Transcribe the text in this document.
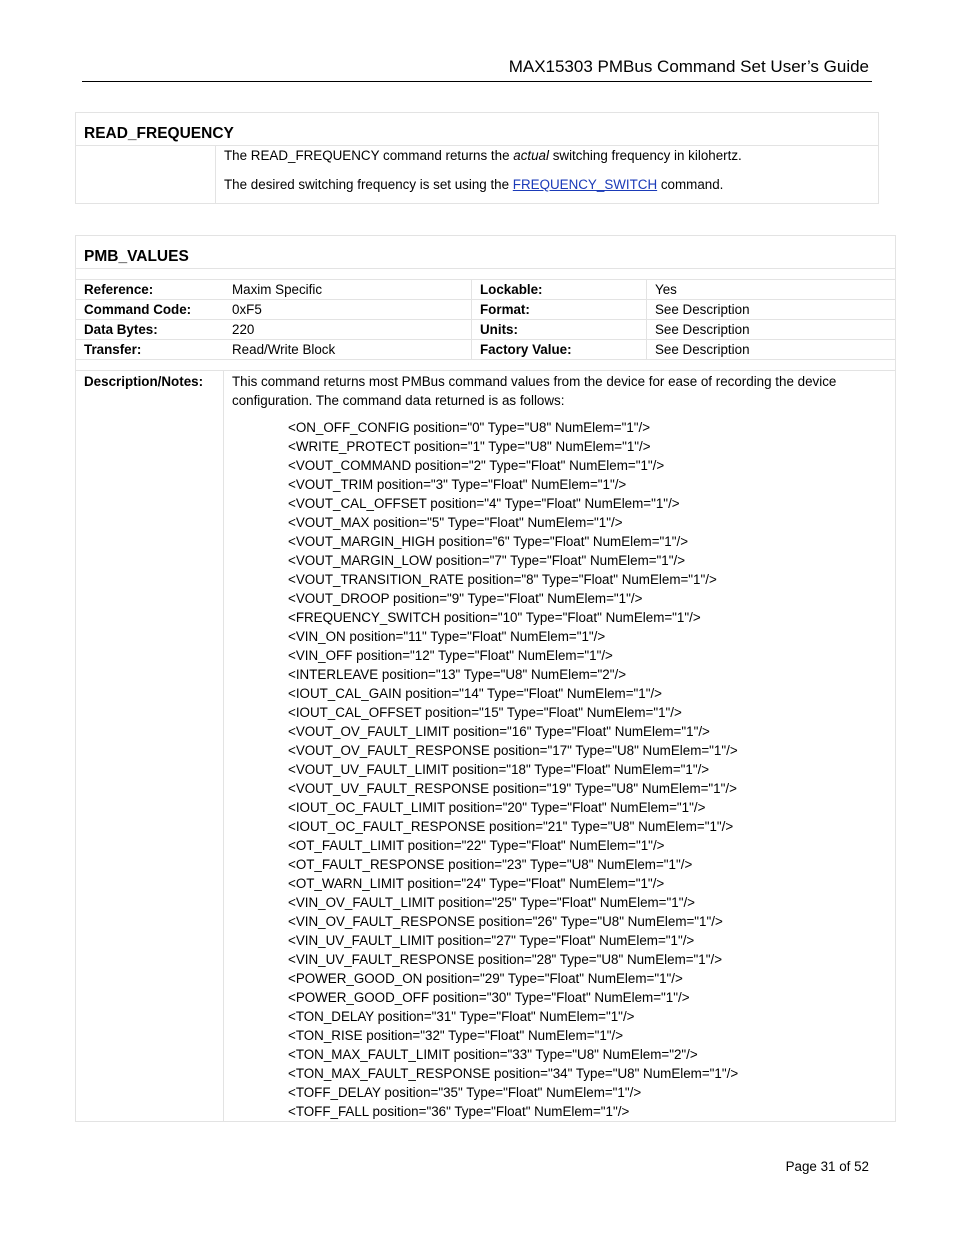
MAX15303 PMBus Command Set User’s Guide
READ_FREQUENCY

The READ_FREQUENCY command returns the actual switching frequency in kilohertz.

The desired switching frequency is set using the FREQUENCY_SWITCH command.

PMB_VALUES
Reference:	Maxim Specific	Lockable:	Yes
Command Code:	0xF5	Format:	See Description
Data Bytes:	220	Units:	See Description
Transfer:	Read/Write Block	Factory Value:	See Description
Description/Notes:	This command returns most PMBus command values from the device for ease of recording the device configuration. The command data returned is as follows:

<ON_OFF_CONFIG position="0" Type="U8" NumElem="1"/>
<WRITE_PROTECT position="1" Type="U8" NumElem="1"/>
<VOUT_COMMAND position="2" Type="Float" NumElem="1"/>
<VOUT_TRIM position="3" Type="Float" NumElem="1"/>
<VOUT_CAL_OFFSET position="4" Type="Float" NumElem="1"/>
<VOUT_MAX position="5" Type="Float" NumElem="1"/>
<VOUT_MARGIN_HIGH position="6" Type="Float" NumElem="1"/>
<VOUT_MARGIN_LOW position="7" Type="Float" NumElem="1"/>
<VOUT_TRANSITION_RATE position="8" Type="Float" NumElem="1"/>
<VOUT_DROOP position="9" Type="Float" NumElem="1"/>
<FREQUENCY_SWITCH position="10" Type="Float" NumElem="1"/>
<VIN_ON position="11" Type="Float" NumElem="1"/>
<VIN_OFF position="12" Type="Float" NumElem="1"/>
<INTERLEAVE position="13" Type="U8" NumElem="2"/>
<IOUT_CAL_GAIN position="14" Type="Float" NumElem="1"/>
<IOUT_CAL_OFFSET position="15" Type="Float" NumElem="1"/>
<VOUT_OV_FAULT_LIMIT position="16" Type="Float" NumElem="1"/>
<VOUT_OV_FAULT_RESPONSE position="17" Type="U8" NumElem="1"/>
<VOUT_UV_FAULT_LIMIT position="18" Type="Float" NumElem="1"/>
<VOUT_UV_FAULT_RESPONSE position="19" Type="U8" NumElem="1"/>
<IOUT_OC_FAULT_LIMIT position="20" Type="Float" NumElem="1"/>
<IOUT_OC_FAULT_RESPONSE position="21" Type="U8" NumElem="1"/>
<OT_FAULT_LIMIT position="22" Type="Float" NumElem="1"/>
<OT_FAULT_RESPONSE position="23" Type="U8" NumElem="1"/>
<OT_WARN_LIMIT position="24" Type="Float" NumElem="1"/>
<VIN_OV_FAULT_LIMIT position="25" Type="Float" NumElem="1"/>
<VIN_OV_FAULT_RESPONSE position="26" Type="U8" NumElem="1"/>
<VIN_UV_FAULT_LIMIT position="27" Type="Float" NumElem="1"/>
<VIN_UV_FAULT_RESPONSE position="28" Type="U8" NumElem="1"/>
<POWER_GOOD_ON position="29" Type="Float" NumElem="1"/>
<POWER_GOOD_OFF position="30" Type="Float" NumElem="1"/>
<TON_DELAY position="31" Type="Float" NumElem="1"/>
<TON_RISE position="32" Type="Float" NumElem="1"/>
<TON_MAX_FAULT_LIMIT position="33" Type="U8" NumElem="2"/>
<TON_MAX_FAULT_RESPONSE position="34" Type="U8" NumElem="1"/>
<TOFF_DELAY position="35" Type="Float" NumElem="1"/>
<TOFF_FALL position="36" Type="Float" NumElem="1"/>
Page 31 of 52
